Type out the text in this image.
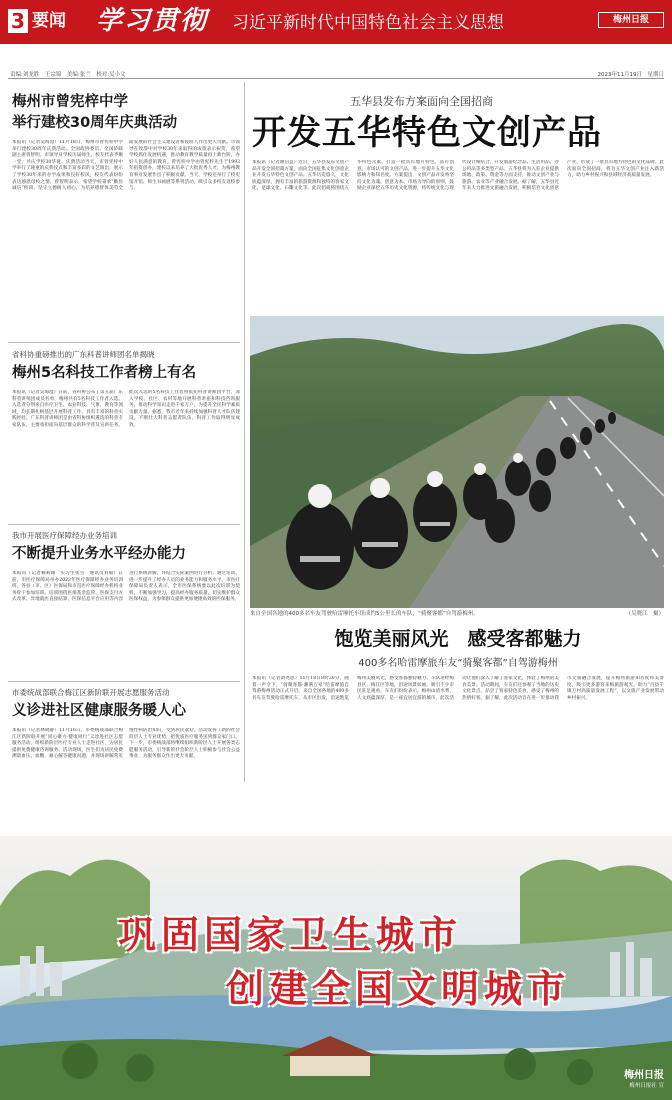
3 要闻 学习贯彻 习近平新时代中国特色社会主义思想	梅州日报
责编:刘龙胜　王宗锦　美编:张兰　校对:吴小文	2023年11月19日　星期日
梅州市曾宪梓中学
举行建校30周年庆典活动
本报讯（记者吴海澄）11月18日，梅州市曾宪梓中学举行建校30周年庆典活动。全国政协委员、全国侨联副主席曾智明，市领导及学校历届师生、校友代表齐聚一堂，共庆学校30华诞。庆典活动当天，市曾宪梓中学举行了隆重的庆典仪式和丰富多彩的文艺演出，展示了学校30年来的办学成果和良好校风，校友代表纷纷表达感恩母校之情。曾智明表示，希望学校秉承“勤俭诚信”校训，坚守立德树人初心，为培养德智体美劳全面发展的社会主义建设者和接班人作出更大贡献。市领导在致辞中对学校30年来取得的成绩表示祝贺，希望学校抓住发展机遇，推动教育教学质量再上新台阶，办好人民满意的教育。曾宪梓中学由曾宪梓先生于1993年捐资创办，建校以来培养了大批优秀人才，为梅州教育事业发展作出了积极贡献。当天，学校还举行了校史馆开馆、师生书画展等系列活动，吸引众多校友返校参与。
省科协重磅推出的广东科普讲师团名单揭晓
梅州5名科技工作者榜上有名
本报讯（记者吴海澄）日前，省科协公布了第五届广东科普讲师团成员名单，梅州共有5名科技工作者入选。入选者分别来自医疗卫生、农业科技、气象、教育等领域，均长期扎根基层开展科普工作，具有丰富的科普实践经验。广东科普讲师团是由省科协组织遴选的科普专家队伍，主要承担面向基层群众的科学普及宣讲任务。此次入选的5名科技工作者将依托科普讲师团平台，深入学校、社区、农村等地开展科普讲座和科技咨询服务，推动科学知识走进千家万户，为提升全民科学素质贡献力量。据悉，我市近年来持续加强科普人才队伍建设，不断壮大科普志愿者队伍，科普工作取得明显成效。
我市开展医疗保障经办业务培训
不断提升业务水平经办能力
本报讯（记者赖莉雄　实习生张雪　通讯员刘敏）日前，市医疗保障局举办2023年医疗保障经办业务培训班，各县（市、区）医保局和市直医疗保障经办机构业务骨干参加培训。培训围绕医保基金监管、医保支付方式改革、异地就医直接结算、医保信息平台应用等内容进行系统讲解，并结合实际案例进行分析。通过培训，进一步提升了经办人员的业务能力和服务水平。市医疗保障局负责人表示，全市医保系统要以此次培训为契机，不断加强学习，提高经办服务质量，切实维护群众医保权益，为参保群众提供更加便捷高效的医保服务。
市委统战部联合梅江区新阶联开展志愿服务活动
义诊进社区健康服务暖人心
本报讯（记者林晓静）11月16日，市委统战部联合梅江区新阶联开展“同心聚力·健康同行”义诊进社区志愿服务活动，组织新阶层医疗专业人士走进社区，为居民提供免费健康咨询服务。活动现场，医生们为居民免费测量血压、血糖，耐心解答健康问题，并现场讲解常见慢性病防治知识，受到居民欢迎。活动发挥了新的社会阶层人士专业优势，把优质医疗服务送到群众家门口。下一步，市委统战部将继续组织新阶层人士开展各类志愿服务活动，引导新的社会阶层人士积极参与社会公益事业，为服务群众作出更大贡献。
五华县发布方案面向全国招商
开发五华特色文创产品
本报讯（记者谢启益）近日，五华县发布文创产品开发全国招商方案，面向全国征集文化创意企业开发五华特色文创产品。五华历史悠久，文化底蕴深厚，拥有丰富的旅游资源和独特的客家文化、足球文化、石雕文化等。此次招商将围绕五华特色元素，打造一批具有地方特色、富有创意、市场认可的文创产品，进一步提升五华文化影响力和知名度。方案提出，文创产品开发将坚持文化为魂、创意为本、市场为导向的原则，鼓励企业深挖五华历史文化资源，将传统文化与现代设计相结合，开发旅游纪念品、生活用品、办公用品等多类型产品。五华县将为入驻企业提供场地、政策、资金等方面支持，推动文创产业与旅游、农业等产业融合发展。据了解，五华县近年来大力推进文旅融合发展，积极培育文化创意产业，形成了一批具有地方特色的文化品牌。此次面向全国招商，将为五华文创产业注入新活力，助力乡村振兴和县域经济高质量发展。
来自全国各地的400多名车友驾驶哈雷摩托车组成约5公里长的车队，“骑聚客都”自驾游梅州。	（吴晓江　摄）
饱览美丽风光　感受客都魅力
400多名哈雷摩旅车友“骑聚客都”自驾游梅州
本报讯（记者刘尧思）11月18日8时30分，随着一声令下，“骑聚客都·潮满万家”哈雷摩旅自驾游梅州活动正式开启。来自全国各地的400多名车友驾驶哈雷摩托车，从市区出发，沿途饱览梅州美丽风光，感受客都独特魅力。车队途经梅县区、梅江区等地，沿途风景如画，吸引不少市民驻足观看。车友们纷纷表示，梅州山清水秀，人文底蕴深厚，是一座宜居宜游的城市，此次活动让他们深入了解了客家文化，体验了梅州的美食美景。活动期间，车友们还参观了当地的历史文化景点，品尝了客家特色美食，感受了梅州的热情好客。据了解，此次活动旨在进一步推动我市文旅融合发展，提升梅州旅游知名度和美誉度，吸引更多游客来梅旅游观光，助力“百县千镇万村高质量发展工程”，以文旅产业发展带动乡村振兴。
巩固国家卫生城市
创建全国文明城市
梅州日报
梅州日报社 宣
